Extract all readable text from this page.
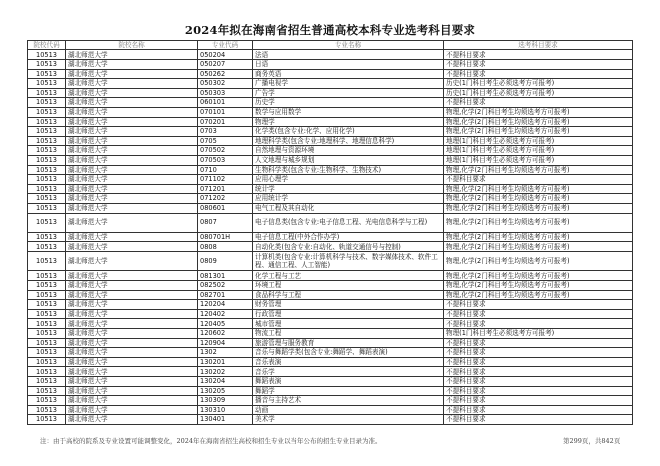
2024年拟在海南省招生普通高校本科专业选考科目要求
院校代码	院校名称	专业代码	专业名称	选考科目要求
10513	湖北师范大学	050204	法语	不提科目要求
10513	湖北师范大学	050207	日语	不提科目要求
10513	湖北师范大学	050262	商务英语	不提科目要求
10513	湖北师范大学	050302	广播电视学	历史(1门科目考生必须选考方可报考)
10513	湖北师范大学	050303	广告学	历史(1门科目考生必须选考方可报考)
10513	湖北师范大学	060101	历史学	不提科目要求
10513	湖北师范大学	070101	数学与应用数学	物理,化学(2门科目考生均须选考方可报考)
10513	湖北师范大学	070201	物理学	物理,化学(2门科目考生均须选考方可报考)
10513	湖北师范大学	0703	化学类(包含专业:化学、应用化学)	物理,化学(2门科目考生均须选考方可报考)
10513	湖北师范大学	0705	地理科学类(包含专业:地理科学、地理信息科学)	地理(1门科目考生必须选考方可报考)
10513	湖北师范大学	070502	自然地理与资源环境	地理(1门科目考生必须选考方可报考)
10513	湖北师范大学	070503	人文地理与城乡规划	地理(1门科目考生必须选考方可报考)
10513	湖北师范大学	0710	生物科学类(包含专业:生物科学、生物技术)	物理,化学(2门科目考生均须选考方可报考)
10513	湖北师范大学	071102	应用心理学	不提科目要求
10513	湖北师范大学	071201	统计学	物理,化学(2门科目考生均须选考方可报考)
10513	湖北师范大学	071202	应用统计学	物理,化学(2门科目考生均须选考方可报考)
10513	湖北师范大学	080601	电气工程及其自动化	物理,化学(2门科目考生均须选考方可报考)
10513	湖北师范大学	0807	电子信息类(包含专业:电子信息工程、光电信息科学与工程)	物理,化学(2门科目考生均须选考方可报考)
10513	湖北师范大学	080701H	电子信息工程(中外合作办学)	物理,化学(2门科目考生均须选考方可报考)
10513	湖北师范大学	0808	自动化类(包含专业:自动化、轨道交通信号与控制)	物理,化学(2门科目考生均须选考方可报考)
10513	湖北师范大学	0809	计算机类(包含专业:计算机科学与技术、数字媒体技术、软件工程、通信工程、人工智能)	物理,化学(2门科目考生均须选考方可报考)
10513	湖北师范大学	081301	化学工程与工艺	物理,化学(2门科目考生均须选考方可报考)
10513	湖北师范大学	082502	环境工程	物理,化学(2门科目考生均须选考方可报考)
10513	湖北师范大学	082701	食品科学与工程	物理,化学(2门科目考生均须选考方可报考)
10513	湖北师范大学	120204	财务管理	不提科目要求
10513	湖北师范大学	120402	行政管理	不提科目要求
10513	湖北师范大学	120405	城市管理	不提科目要求
10513	湖北师范大学	120602	物流工程	物理(1门科目考生必须选考方可报考)
10513	湖北师范大学	120904	旅游管理与服务教育	不提科目要求
10513	湖北师范大学	1302	音乐与舞蹈学类(包含专业:舞蹈学、舞蹈表演)	不提科目要求
10513	湖北师范大学	130201	音乐表演	不提科目要求
10513	湖北师范大学	130202	音乐学	不提科目要求
10513	湖北师范大学	130204	舞蹈表演	不提科目要求
10513	湖北师范大学	130205	舞蹈学	不提科目要求
10513	湖北师范大学	130309	播音与主持艺术	不提科目要求
10513	湖北师范大学	130310	动画	不提科目要求
10513	湖北师范大学	130401	美术学	不提科目要求
注：由于高校的院系及专业设置可能调整变化，2024年在海南省招生高校和招生专业以当年公布的招生专业目录为准。	第299页，共842页
